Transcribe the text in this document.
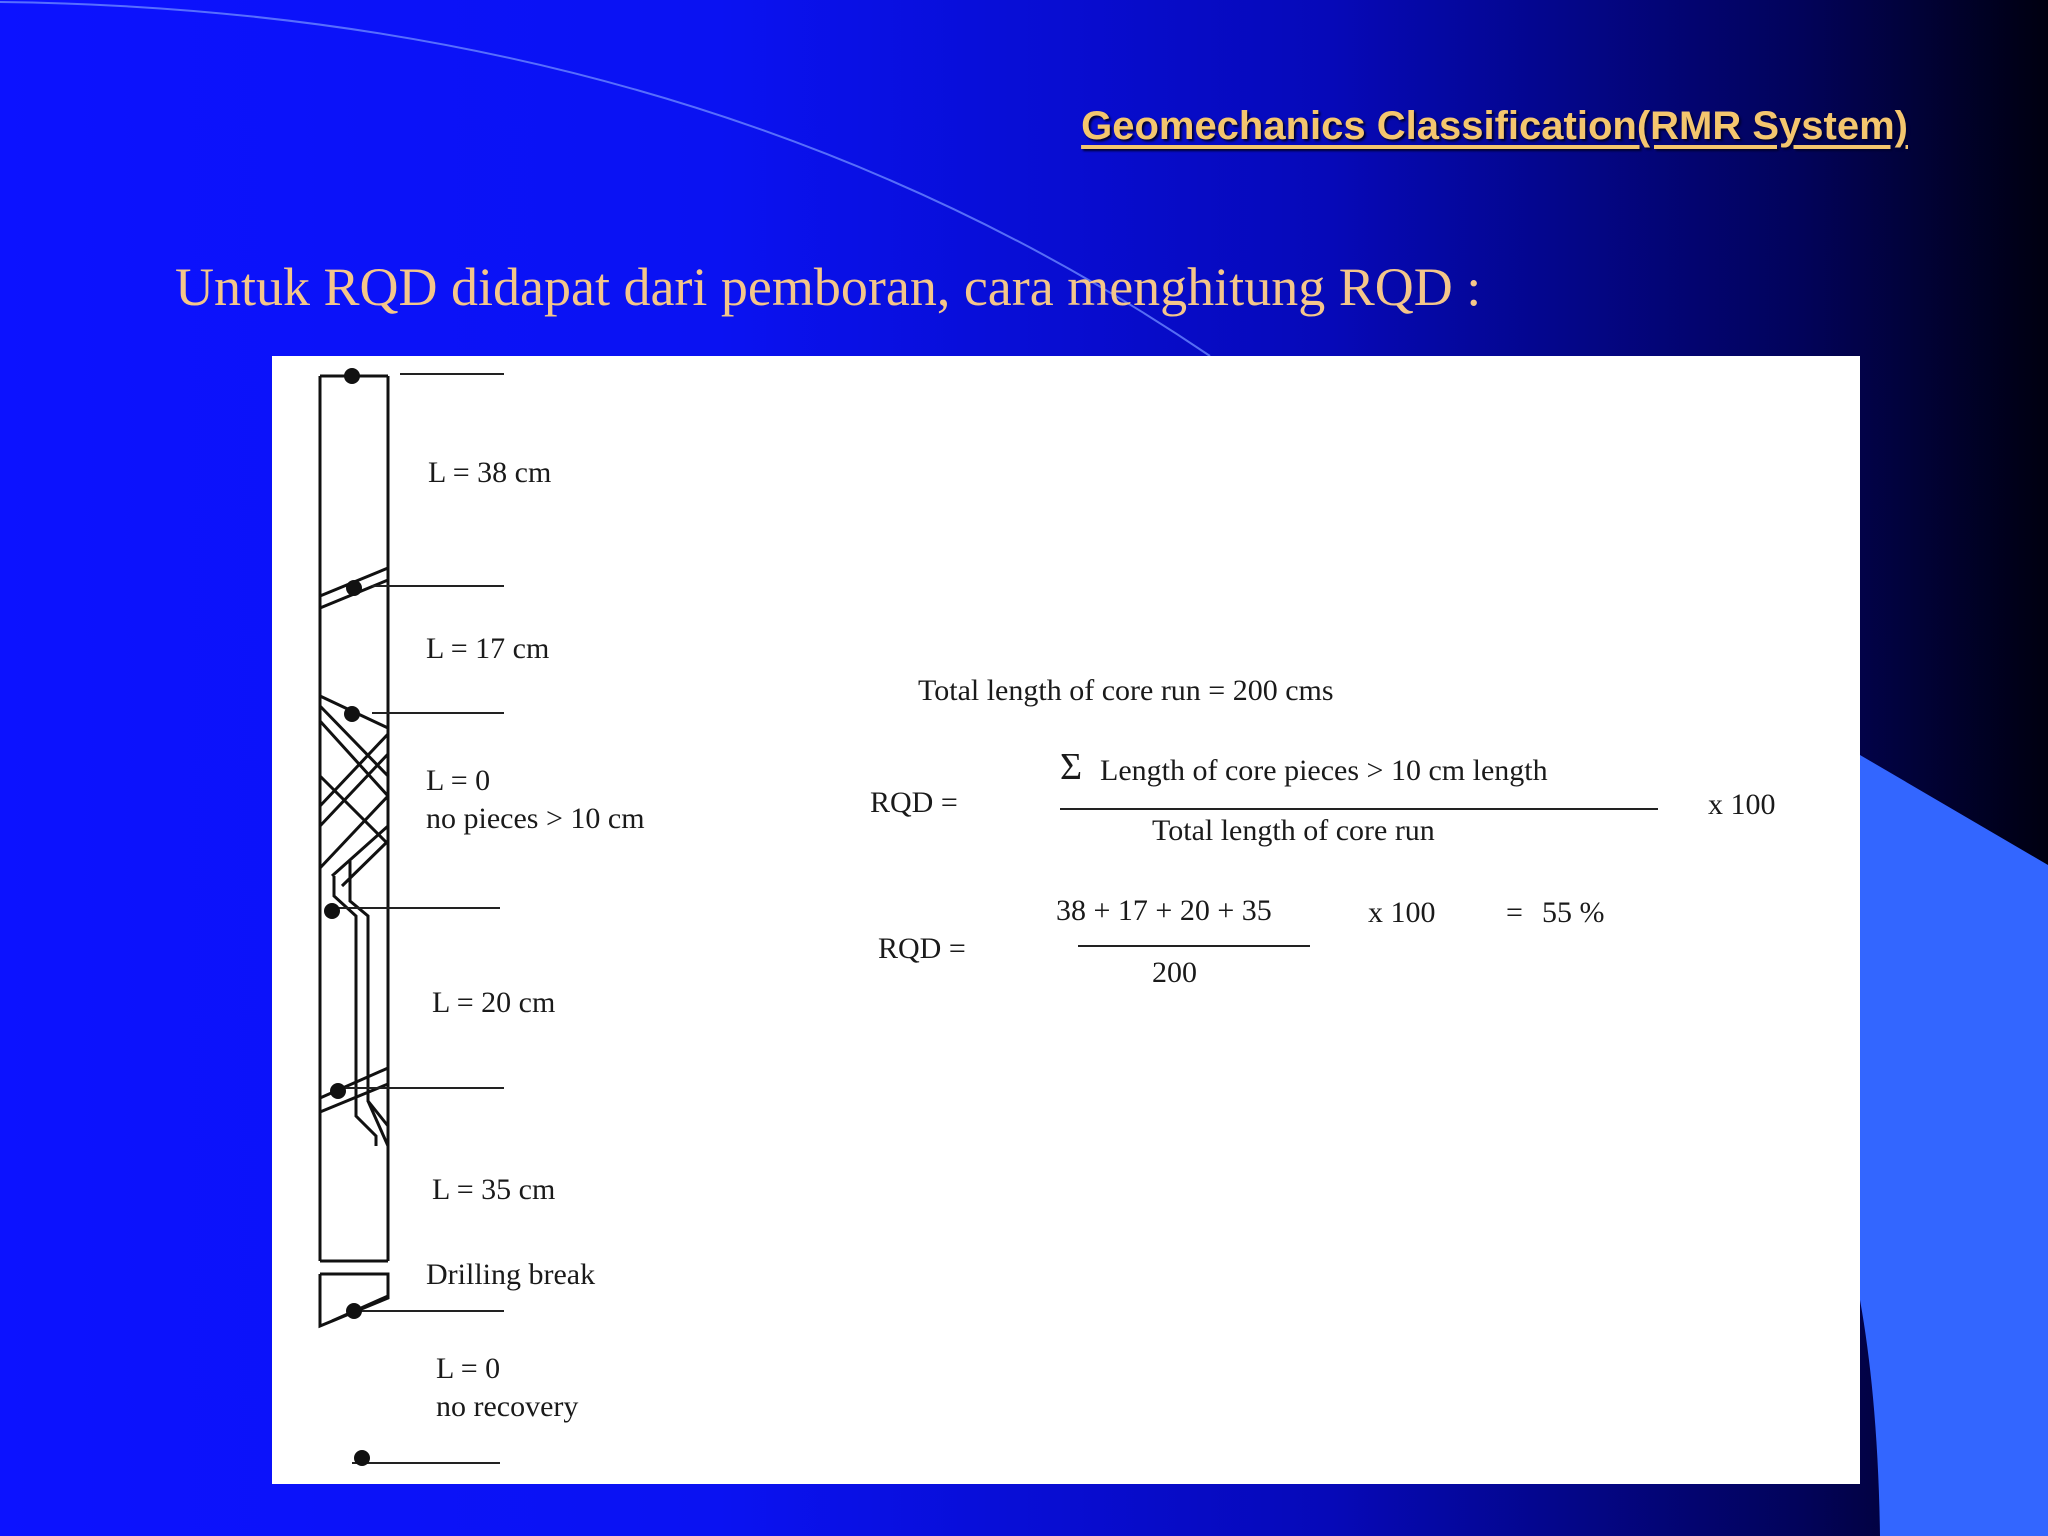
Geomechanics Classification(RMR System)

Untuk RQD didapat dari pemboran, cara menghitung RQD :

L = 38 cm
L = 17 cm
L = 0
no pieces > 10 cm
L = 20 cm
L = 35 cm
Drilling break
L = 0
no recovery
Total length of core run = 200 cms
RQD =
Σ Length of core pieces > 10 cm length
Total length of core run
x 100
RQD =
38 + 17 + 20 + 35
200
x 100 = 55 %
